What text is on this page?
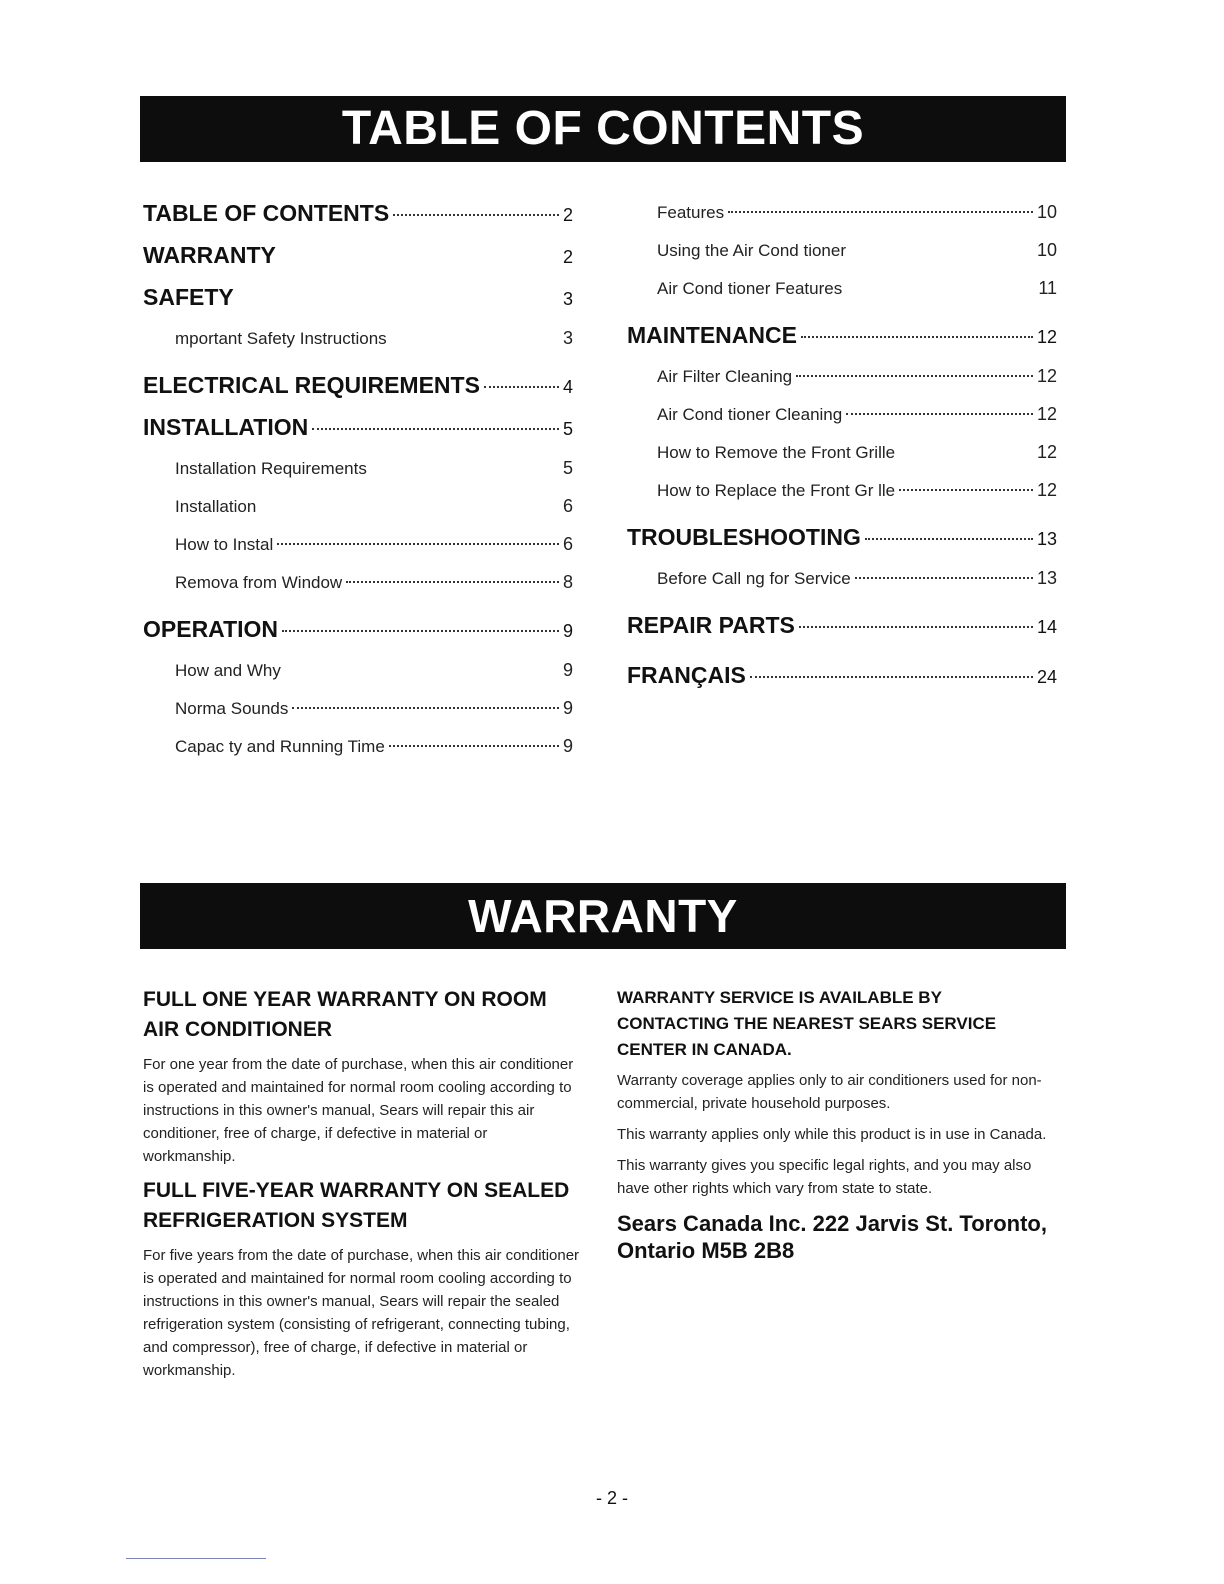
TABLE OF CONTENTS
TABLE OF CONTENTS	2
WARRANTY	2
SAFETY	3
mportant Safety Instructions	3
ELECTRICAL REQUIREMENTS	4
INSTALLATION	5
Installation Requirements	5
Installation	6
How to Instal	6
Remova from Window	8
OPERATION	9
How and Why	9
Norma Sounds	9
Capac ty and Running Time	9
Features	10
Using the Air Cond tioner	10
Air Cond tioner Features	11
MAINTENANCE	12
Air Filter Cleaning	12
Air Cond tioner Cleaning	12
How to Remove the Front Grille	12
How to Replace the Front Gr lle	12
TROUBLESHOOTING	13
Before Call ng for Service	13
REPAIR PARTS	14
FRANÇAIS	24
WARRANTY
FULL ONE YEAR WARRANTY ON ROOM AIR CONDITIONER

For one year from the date of purchase, when this air conditioner is operated and maintained for normal room cooling according to instructions in this owner's manual, Sears will repair this air conditioner, free of charge, if defective in material or workmanship.

FULL FIVE-YEAR WARRANTY ON SEALED REFRIGERATION SYSTEM

For five years from the date of purchase, when this air conditioner is operated and maintained for normal room cooling according to instructions in this owner's manual, Sears will repair the sealed refrigeration system (consisting of refrigerant, connecting tubing, and compressor), free of charge, if defective in material or workmanship.

WARRANTY SERVICE IS AVAILABLE BY CONTACTING THE NEAREST SEARS SERVICE CENTER IN CANADA.

Warranty coverage applies only to air conditioners used for non-commercial, private household purposes.

This warranty applies only while this product is in use in Canada.

This warranty gives you specific legal rights, and you may also have other rights which vary from state to state.

Sears Canada Inc. 222 Jarvis St. Toronto, Ontario M5B 2B8
- 2 -
